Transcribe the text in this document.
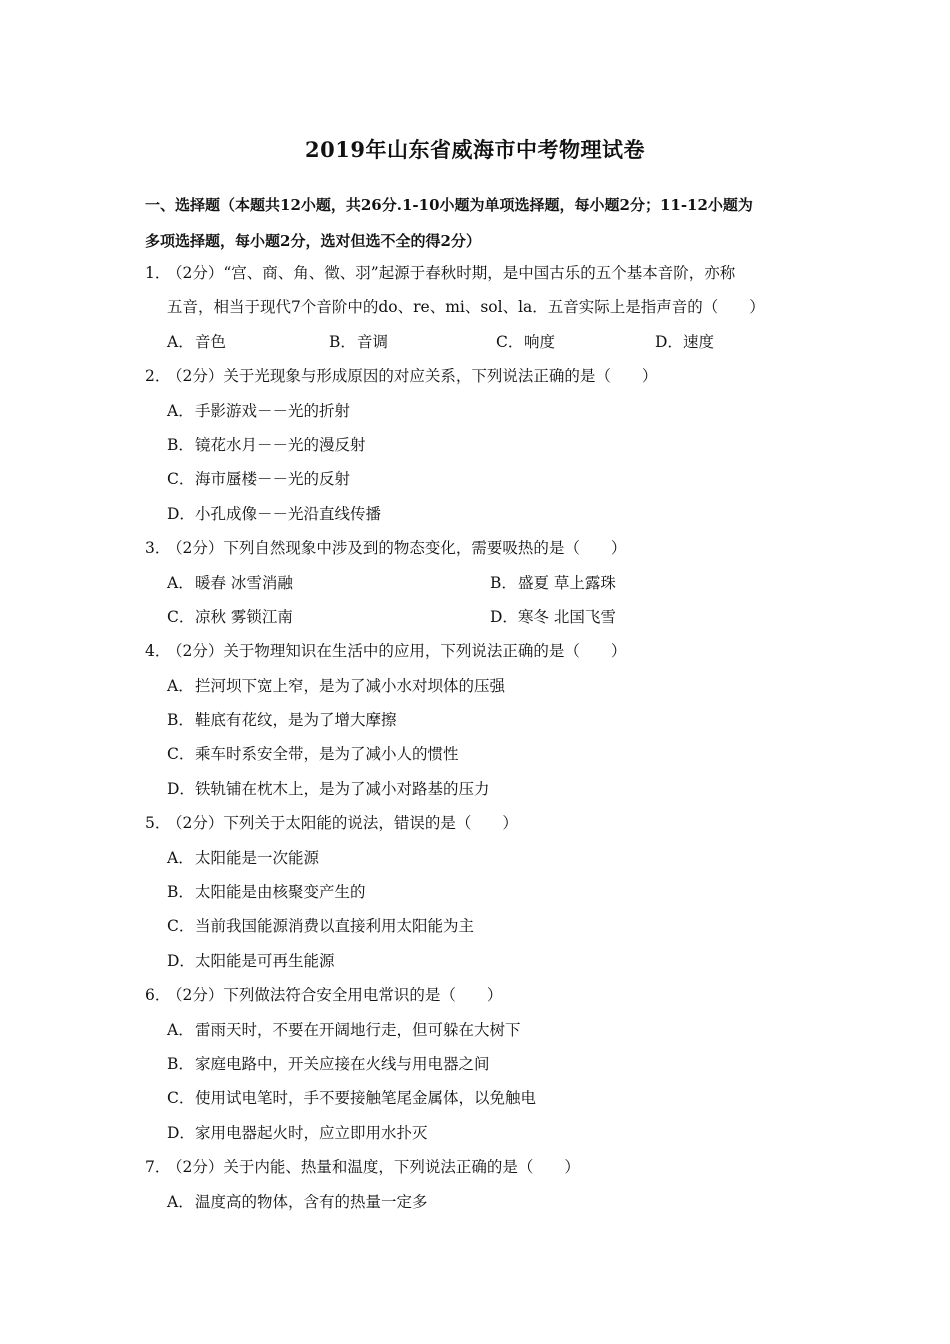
2019年山东省威海市中考物理试卷
一、选择题（本题共12小题，共26分.1-10小题为单项选择题，每小题2分；11-12小题为
多项选择题，每小题2分，选对但选不全的得2分）
1．（2分）“宫、商、角、徵、羽”起源于春秋时期，是中国古乐的五个基本音阶，亦称
五音，相当于现代7个音阶中的do、re、mi、sol、la．五音实际上是指声音的（　　）
A．音色	B．音调	C．响度	D．速度
2．（2分）关于光现象与形成原因的对应关系，下列说法正确的是（　　）
A． 手影游戏－－光的折射
B． 镜花水月－－光的漫反射
C． 海市蜃楼－－光的反射
D． 小孔成像－－光沿直线传播
3．（2分）下列自然现象中涉及到的物态变化，需要吸热的是（　　）
A．暖春 冰雪消融	B．盛夏 草上露珠
C．凉秋 雾锁江南	D．寒冬 北国飞雪
4．（2分）关于物理知识在生活中的应用，下列说法正确的是（　　）
A． 拦河坝下宽上窄，是为了减小水对坝体的压强
B． 鞋底有花纹，是为了增大摩擦
C． 乘车时系安全带，是为了减小人的惯性
D． 铁轨铺在枕木上，是为了减小对路基的压力
5．（2分）下列关于太阳能的说法，错误的是（　　）
A． 太阳能是一次能源
B． 太阳能是由核聚变产生的
C． 当前我国能源消费以直接利用太阳能为主
D． 太阳能是可再生能源
6．（2分）下列做法符合安全用电常识的是（　　）
A． 雷雨天时，不要在开阔地行走，但可躲在大树下
B． 家庭电路中，开关应接在火线与用电器之间
C． 使用试电笔时，手不要接触笔尾金属体，以免触电
D． 家用电器起火时，应立即用水扑灭
7．（2分）关于内能、热量和温度，下列说法正确的是（　　）
A． 温度高的物体，含有的热量一定多
